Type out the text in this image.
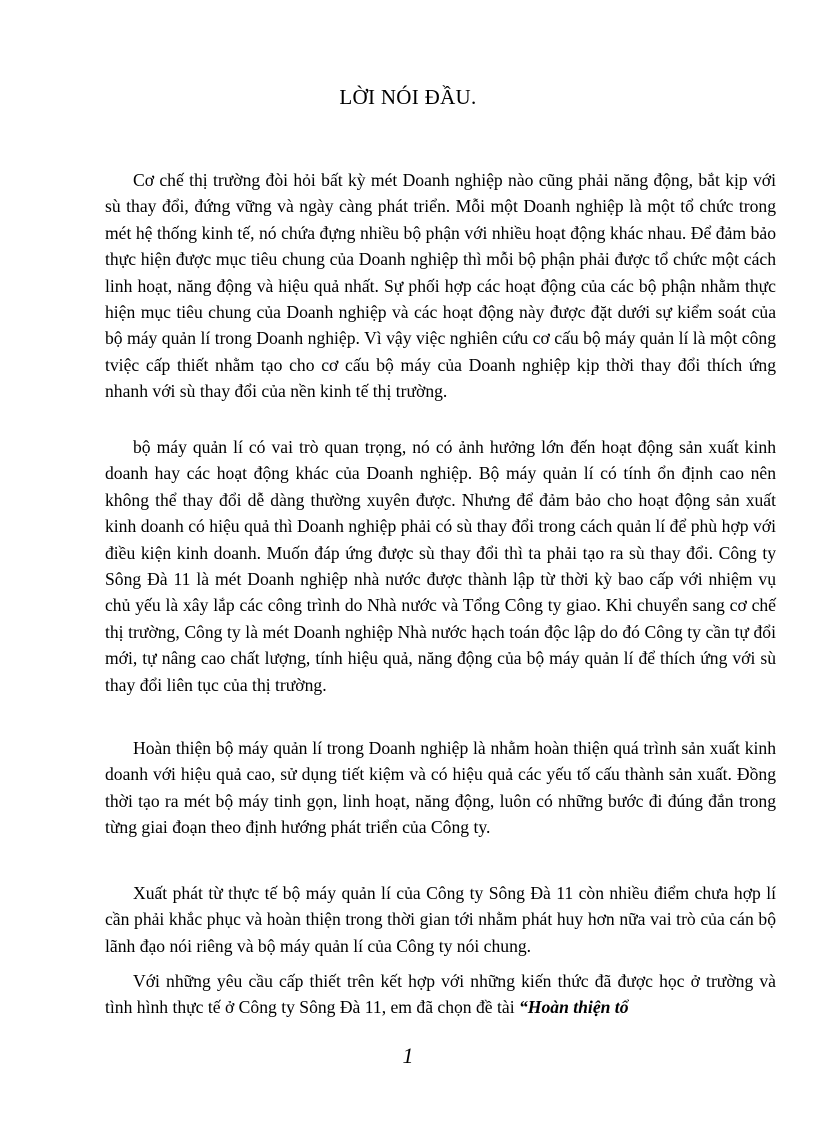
LỜI NÓI ĐẦU.

Cơ chế thị trường đòi hỏi bất kỳ mét Doanh nghiệp nào cũng phải năng động, bắt kịp với sù thay đổi, đứng vững và ngày càng phát triển. Mỗi một Doanh nghiệp là một tổ chức trong mét hệ thống kinh tế, nó chứa đựng nhiều bộ phận với nhiều hoạt động khác nhau. Để đảm bảo thực hiện được mục tiêu chung của Doanh nghiệp thì mỗi bộ phận phải được tổ chức một cách linh hoạt, năng động và hiệu quả nhất. Sự phối hợp các hoạt động của các bộ phận nhằm thực hiện mục tiêu chung của Doanh nghiệp và các hoạt động này được đặt dưới sự kiểm soát của bộ máy quản lí trong Doanh nghiệp. Vì vậy việc nghiên cứu cơ cấu bộ máy quản lí là một công tviệc cấp thiết nhằm tạo cho cơ cấu bộ máy của Doanh nghiệp kịp thời thay đổi thích ứng nhanh với sù thay đổi của nền kinh tế thị trường.

bộ máy quản lí có vai trò quan trọng, nó có ảnh hưởng lớn đến hoạt động sản xuất kinh doanh hay các hoạt động khác của Doanh nghiệp. Bộ máy quản lí có tính ổn định cao nên không thể thay đổi dễ dàng thường xuyên được. Nhưng để đảm bảo cho hoạt động sản xuất kinh doanh có hiệu quả thì Doanh nghiệp phải có sù thay đổi trong cách quản lí để phù hợp với điều kiện kinh doanh. Muốn đáp ứng được sù thay đổi thì ta phải tạo ra sù thay đổi. Công ty Sông Đà 11 là mét Doanh nghiệp nhà nước được thành lập từ thời kỳ bao cấp với nhiệm vụ chủ yếu là xây lắp các công trình do Nhà nước và Tổng Công ty giao. Khi chuyển sang cơ chế thị trường, Công ty là mét Doanh nghiệp Nhà nước hạch toán độc lập do đó Công ty cần tự đổi mới, tự nâng cao chất lượng, tính hiệu quả, năng động của bộ máy quản lí để thích ứng với sù thay đổi liên tục của thị trường.

Hoàn thiện bộ máy quản lí trong Doanh nghiệp là nhằm hoàn thiện quá trình sản xuất kinh doanh với hiệu quả cao, sử dụng tiết kiệm và có hiệu quả các yếu tố cấu thành sản xuất. Đồng thời tạo ra mét bộ máy tinh gọn, linh hoạt, năng động, luôn có những bước đi đúng đắn trong từng giai đoạn theo định hướng phát triển của Công ty.

Xuất phát từ thực tế bộ máy quản lí của Công ty Sông Đà 11 còn nhiều điểm chưa hợp lí cần phải khắc phục và hoàn thiện trong thời gian tới nhằm phát huy hơn nữa vai trò của cán bộ lãnh đạo nói riêng và bộ máy quản lí của Công ty nói chung.

Với những yêu cầu cấp thiết trên kết hợp với những kiến thức đã được học ở trường và tình hình thực tế ở Công ty Sông Đà 11, em đã chọn đề tài “Hoàn thiện tổ

1
